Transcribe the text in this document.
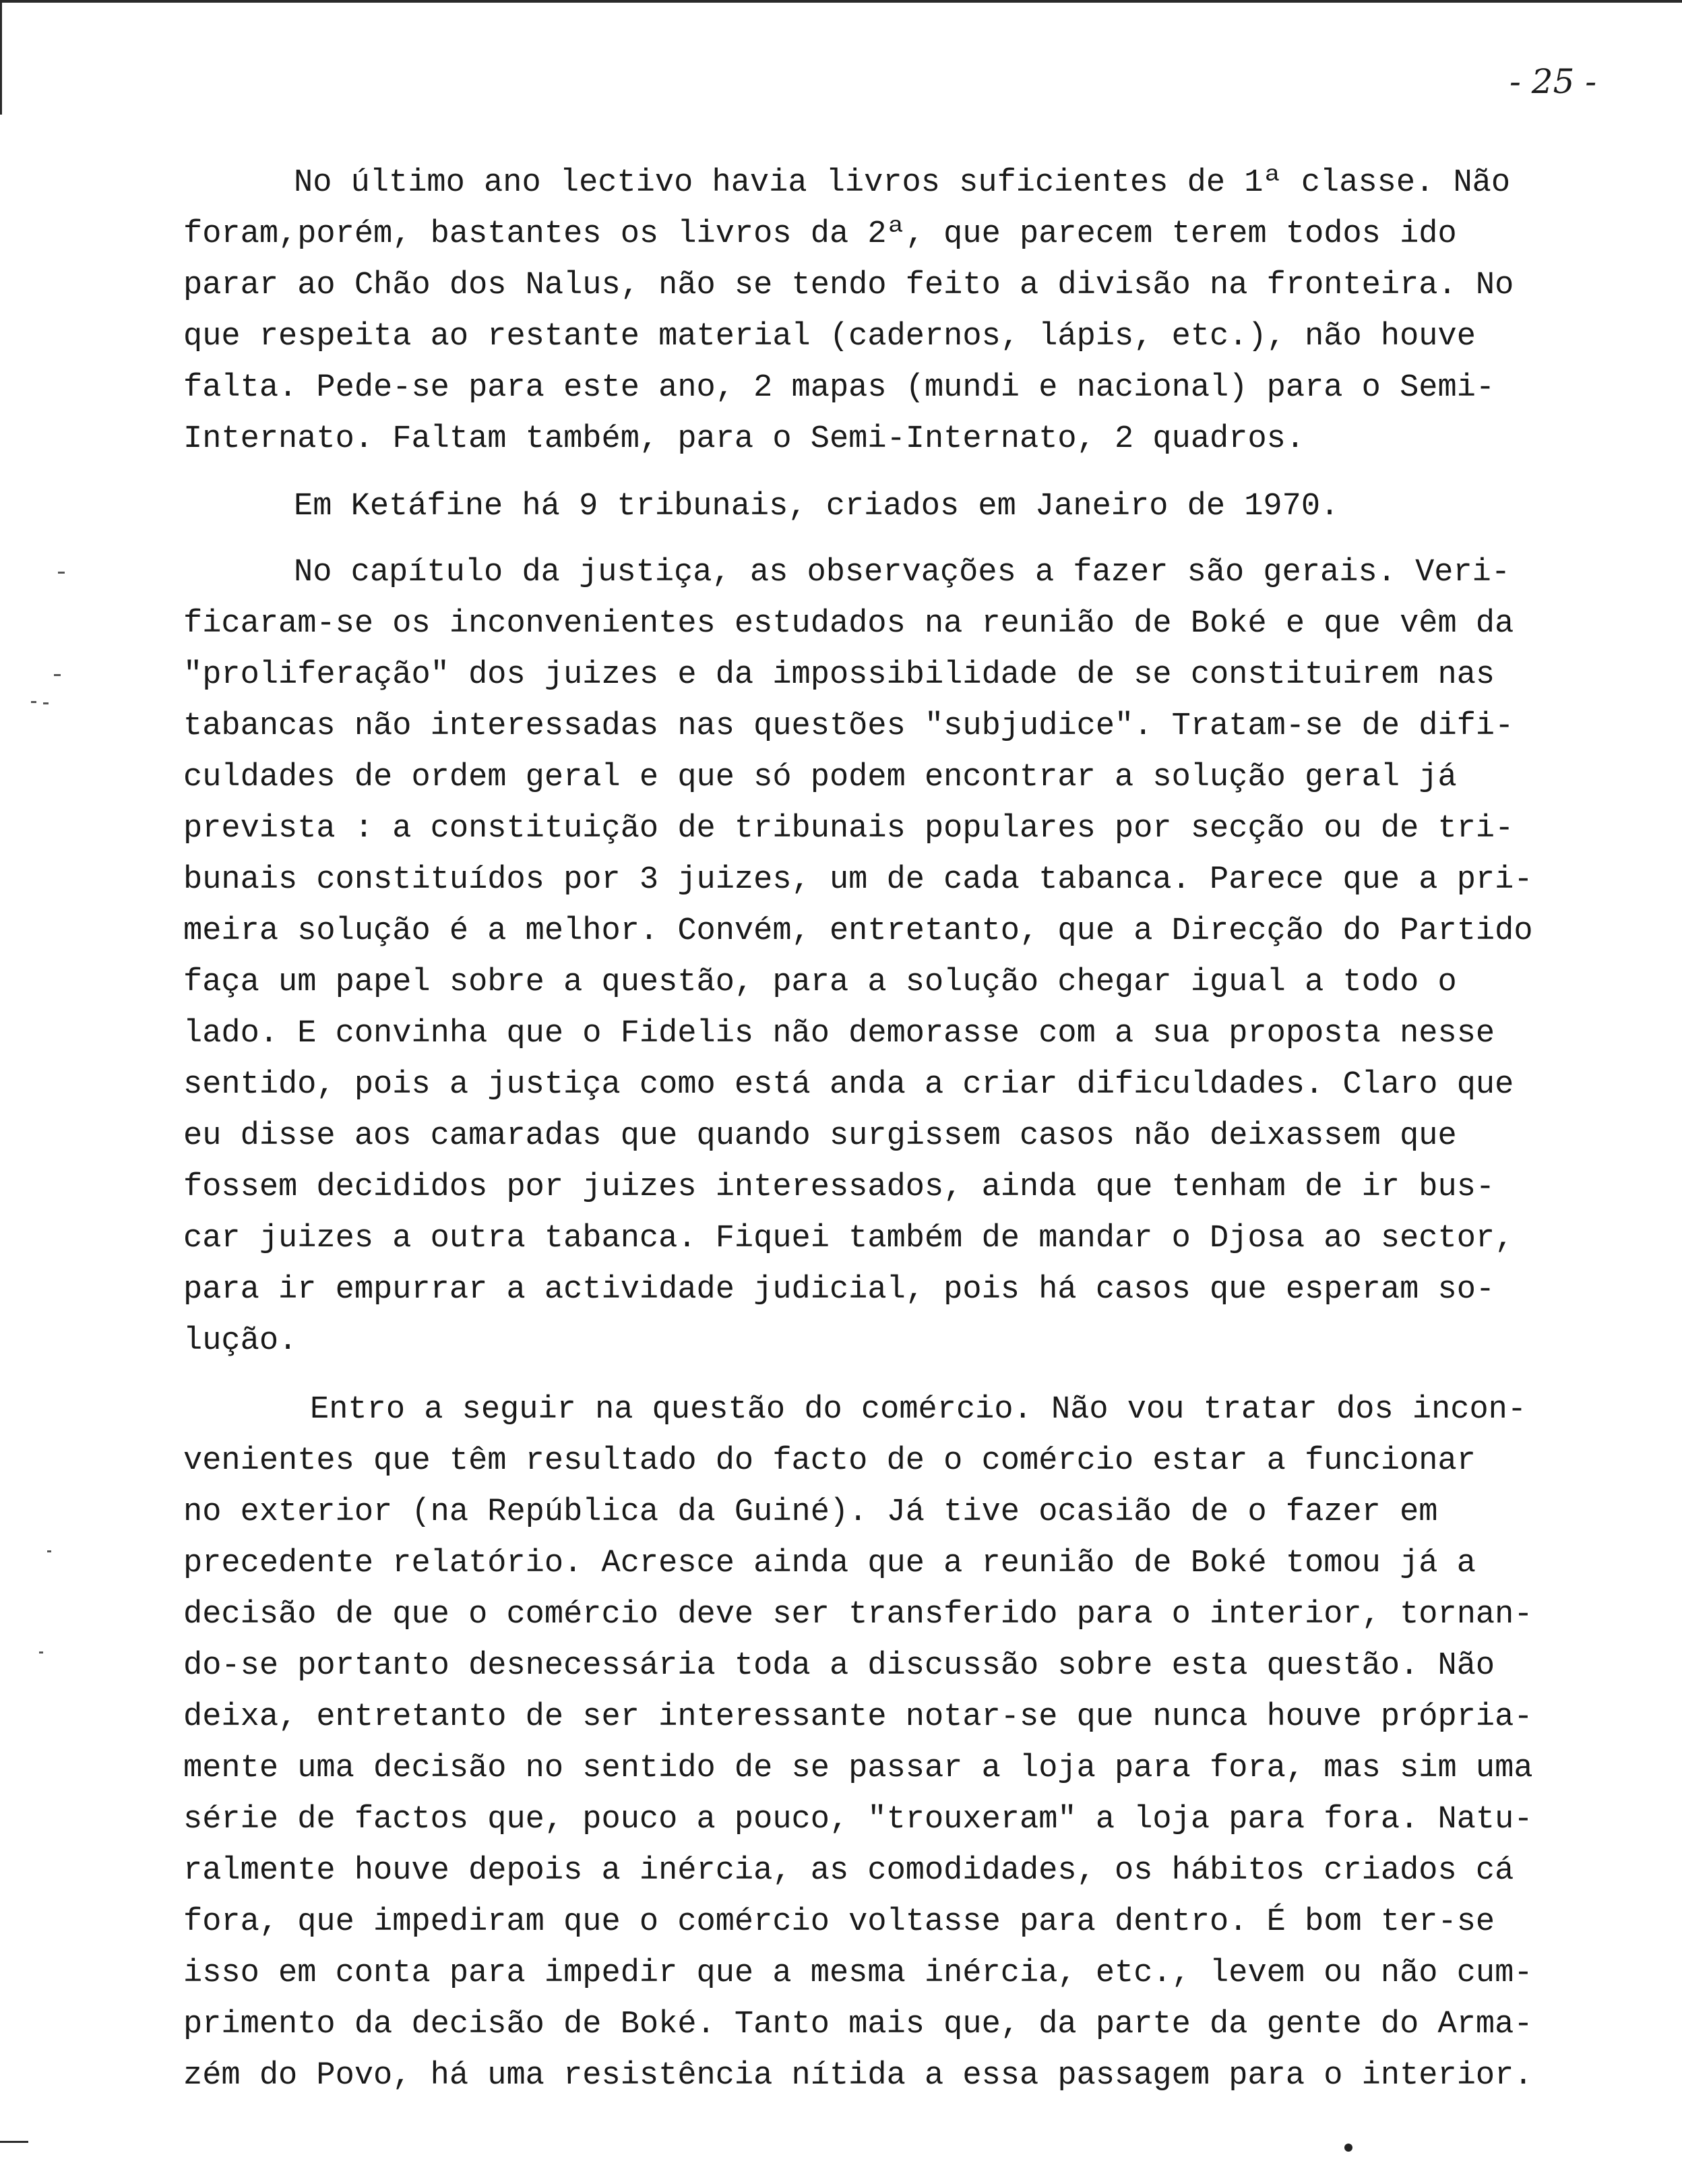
- 25 -
No último ano lectivo havia livros suficientes de 1ª classe. Não
foram,porém, bastantes os livros da 2ª, que parecem terem todos ido
parar ao Chão dos Nalus, não se tendo feito a divisão na fronteira. No
que respeita ao restante material (cadernos, lápis, etc.), não houve
falta. Pede-se para este ano, 2 mapas (mundi e nacional) para o Semi-
Internato. Faltam também, para o Semi-Internato, 2 quadros.
Em Ketáfine há 9 tribunais, criados em Janeiro de 1970.
No capítulo da justiça, as observações a fazer são gerais. Veri-
ficaram-se os inconvenientes estudados na reunião de Boké e que vêm da
"proliferação" dos juizes e da impossibilidade de se constituirem nas
tabancas não interessadas nas questões "subjudice". Tratam-se de difi-
culdades de ordem geral e que só podem encontrar a solução geral já
prevista : a constituição de tribunais populares por secção ou de tri-
bunais constituídos por 3 juizes, um de cada tabanca. Parece que a pri-
meira solução é a melhor. Convém, entretanto, que a Direcção do Partido
faça um papel sobre a questão, para a solução chegar igual a todo o
lado. E convinha que o Fidelis não demorasse com a sua proposta nesse
sentido, pois a justiça como está anda a criar dificuldades. Claro que
eu disse aos camaradas que quando surgissem casos não deixassem que
fossem decididos por juizes interessados, ainda que tenham de ir bus-
car juizes a outra tabanca. Fiquei também de mandar o Djosa ao sector,
para ir empurrar a actividade judicial, pois há casos que esperam so-
lução.
Entro a seguir na questão do comércio. Não vou tratar dos incon-
venientes que têm resultado do facto de o comércio estar a funcionar
no exterior (na República da Guiné). Já tive ocasião de o fazer em
precedente relatório. Acresce ainda que a reunião de Boké tomou já a
decisão de que o comércio deve ser transferido para o interior, tornan-
do-se portanto desnecessária toda a discussão sobre esta questão. Não
deixa, entretanto de ser interessante notar-se que nunca houve própria-
mente uma decisão no sentido de se passar a loja para fora, mas sim uma
série de factos que, pouco a pouco, "trouxeram" a loja para fora. Natu-
ralmente houve depois a inércia, as comodidades, os hábitos criados cá
fora, que impediram que o comércio voltasse para dentro. É bom ter-se
isso em conta para impedir que a mesma inércia, etc., levem ou não cum-
primento da decisão de Boké. Tanto mais que, da parte da gente do Arma-
zém do Povo, há uma resistência nítida a essa passagem para o interior.
